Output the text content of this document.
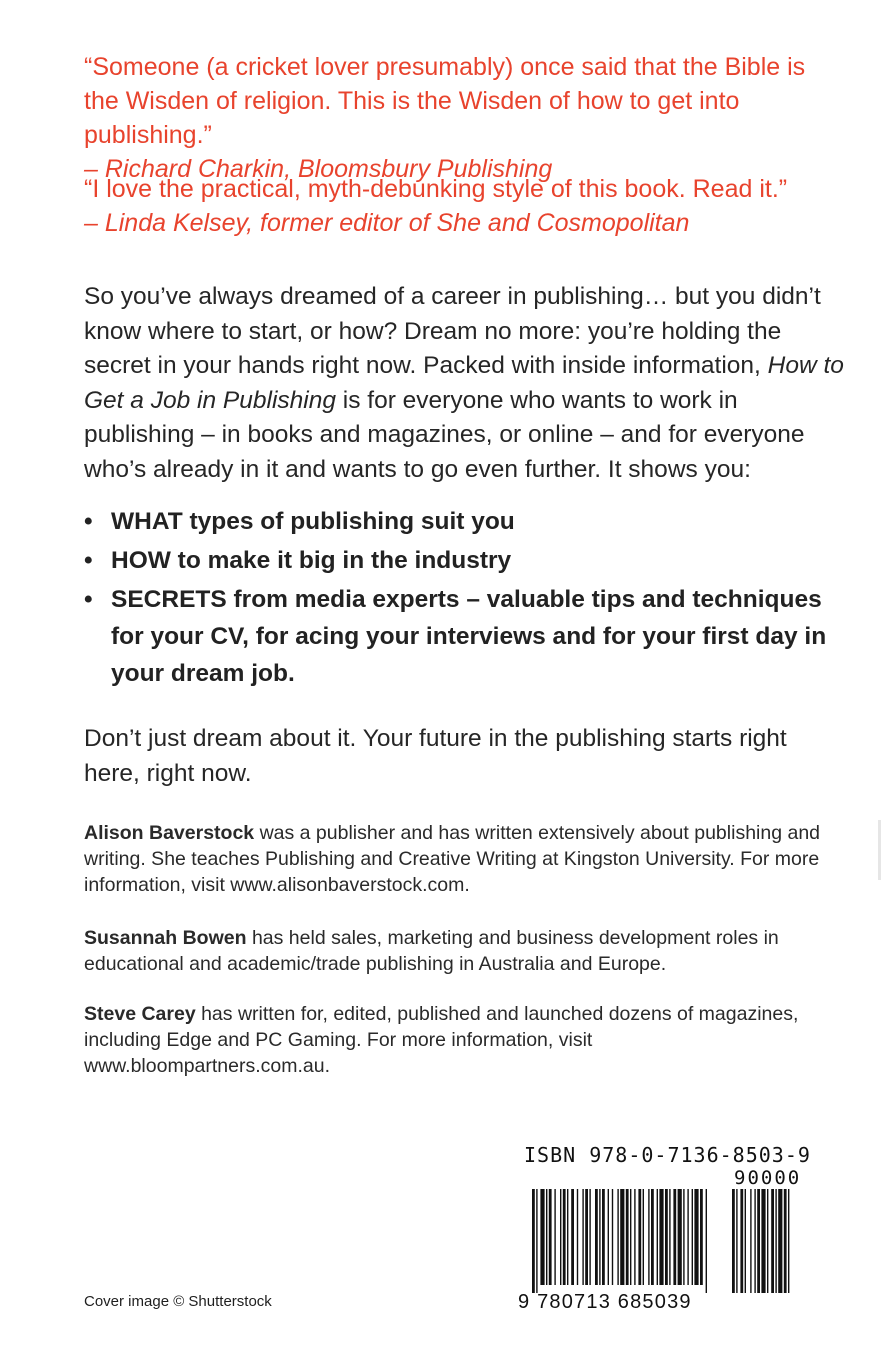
“Someone (a cricket lover presumably) once said that the Bible is the Wisden of religion. This is the Wisden of how to get into publishing.”
– Richard Charkin, Bloomsbury Publishing
“I love the practical, myth-debunking style of this book. Read it.”
– Linda Kelsey, former editor of She and Cosmopolitan
So you’ve always dreamed of a career in publishing… but you didn’t know where to start, or how? Dream no more: you’re holding the secret in your hands right now. Packed with inside information, How to Get a Job in Publishing is for everyone who wants to work in publishing – in books and magazines, or online – and for everyone who’s already in it and wants to go even further. It shows you:
• WHAT types of publishing suit you
• HOW to make it big in the industry
• SECRETS from media experts – valuable tips and techniques for your CV, for acing your interviews and for your first day in your dream job.
Don’t just dream about it. Your future in the publishing starts right here, right now.
Alison Baverstock was a publisher and has written extensively about publishing and writing. She teaches Publishing and Creative Writing at Kingston University. For more information, visit www.alisonbaverstock.com.
Susannah Bowen has held sales, marketing and business development roles in educational and academic/trade publishing in Australia and Europe.
Steve Carey has written for, edited, published and launched dozens of magazines, including Edge and PC Gaming. For more information, visit www.bloompartners.com.au.
ISBN 978-0-7136-8503-9
90000
9 780713 685039
Cover image © Shutterstock
